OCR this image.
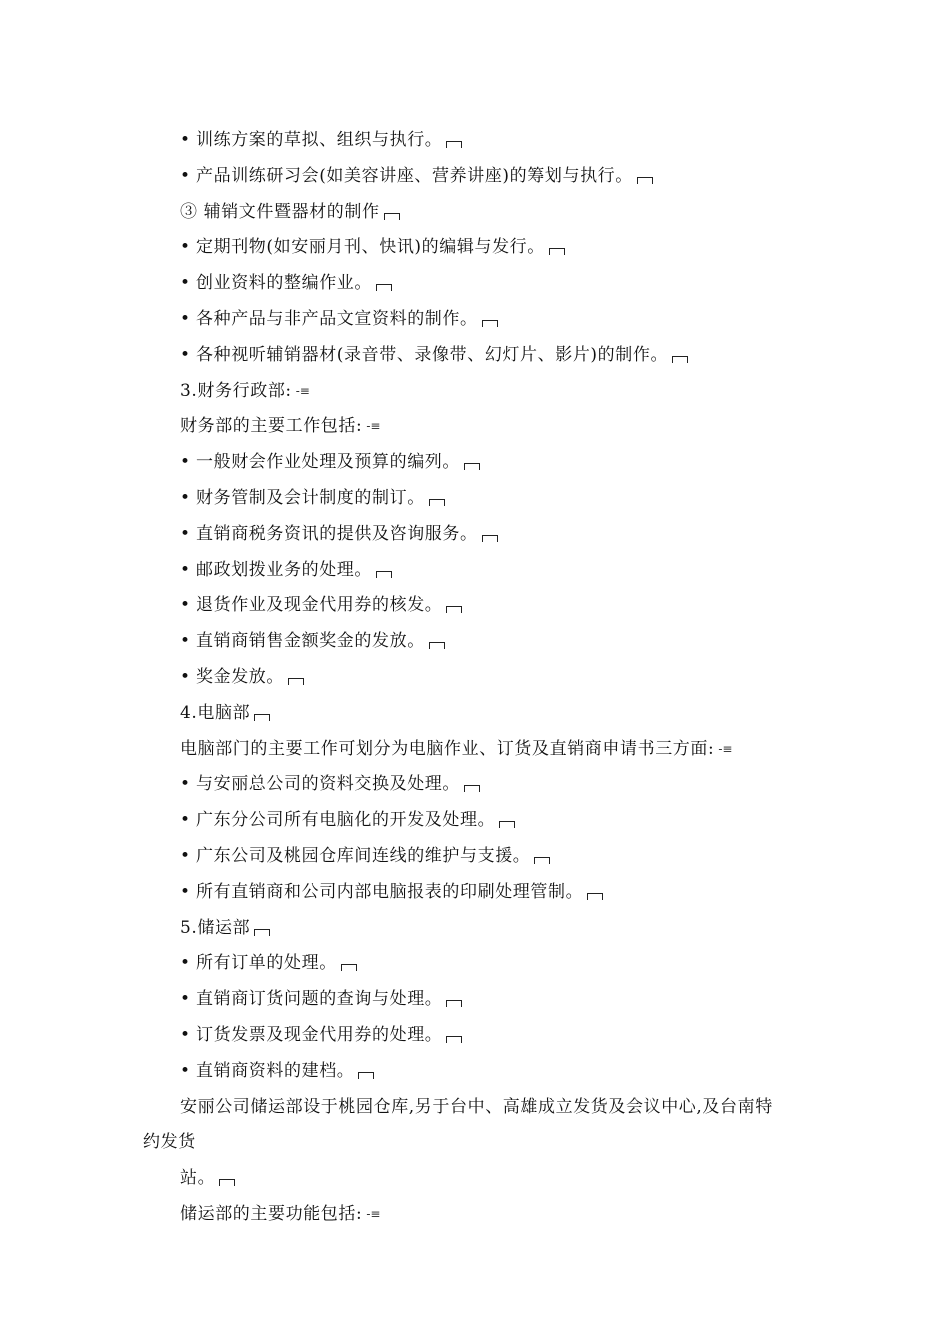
• 训练方案的草拟、组织与执行。
• 产品训练研习会(如美容讲座、营养讲座)的筹划与执行。
③ 辅销文件暨器材的制作
• 定期刊物(如安丽月刊、快讯)的编辑与发行。
• 创业资料的整编作业。
• 各种产品与非产品文宣资料的制作。
• 各种视听辅销器材(录音带、录像带、幻灯片、影片)的制作。
3.财务行政部: -≡
财务部的主要工作包括: -≡
• 一般财会作业处理及预算的编列。
• 财务管制及会计制度的制订。
• 直销商税务资讯的提供及咨询服务。
• 邮政划拨业务的处理。
• 退货作业及现金代用券的核发。
• 直销商销售金额奖金的发放。
• 奖金发放。
4.电脑部
电脑部门的主要工作可划分为电脑作业、订货及直销商申请书三方面: -≡
• 与安丽总公司的资料交换及处理。
• 广东分公司所有电脑化的开发及处理。
• 广东公司及桃园仓库间连线的维护与支援。
• 所有直销商和公司内部电脑报表的印刷处理管制。
5.储运部
• 所有订单的处理。
• 直销商订货问题的查询与处理。
• 订货发票及现金代用券的处理。
• 直销商资料的建档。
安丽公司储运部设于桃园仓库,另于台中、高雄成立发货及会议中心,及台南特
约发货
站。
储运部的主要功能包括: -≡
